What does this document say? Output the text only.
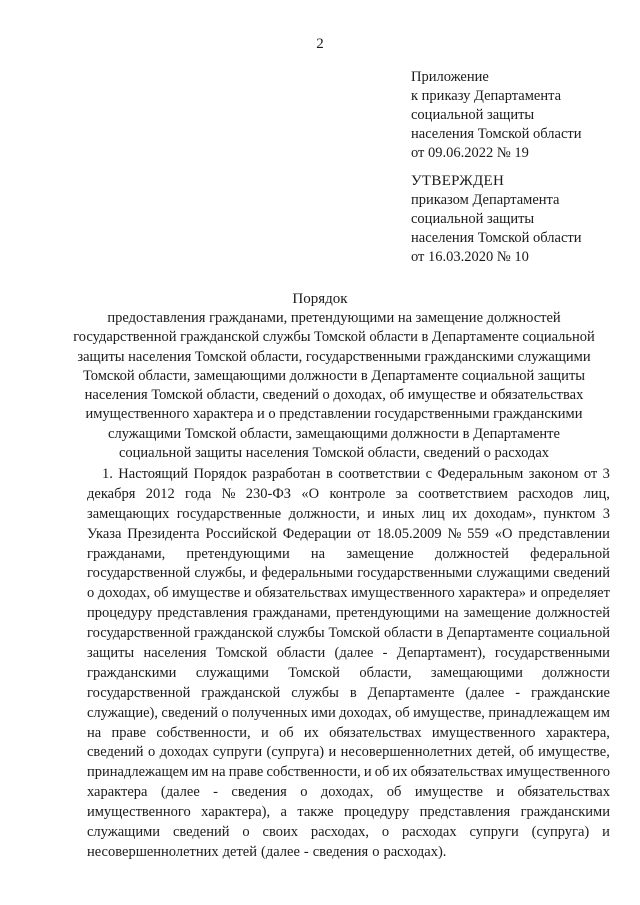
2
Приложение
к приказу Департамента
социальной защиты
населения Томской области
от 09.06.2022 № 19
УТВЕРЖДЕН
приказом Департамента
социальной защиты
населения Томской области
от 16.03.2020 № 10
Порядок
предоставления гражданами, претендующими на замещение должностей
государственной гражданской службы Томской области в Департаменте социальной
защиты населения Томской области, государственными гражданскими служащими
Томской области, замещающими должности в Департаменте социальной защиты
населения Томской области, сведений о доходах, об имуществе и обязательствах
имущественного характера и о представлении государственными гражданскими
служащими Томской области, замещающими должности в Департаменте
социальной защиты населения Томской области, сведений о расходах
1. Настоящий Порядок разработан в соответствии с Федеральным законом от 3
декабря 2012 года № 230-ФЗ «О контроле за соответствием расходов лиц,
замещающих государственные должности, и иных лиц их доходам», пунктом 3
Указа Президента Российской Федерации от 18.05.2009 № 559 «О представлении
гражданами, претендующими на замещение должностей федеральной
государственной службы, и федеральными государственными служащими сведений
о доходах, об имуществе и обязательствах имущественного характера» и определяет
процедуру представления гражданами, претендующими на замещение должностей
государственной гражданской службы Томской области в Департаменте социальной
защиты населения Томской области (далее - Департамент), государственными
гражданскими служащими Томской области, замещающими должности
государственной гражданской службы в Департаменте (далее - гражданские
служащие), сведений о полученных ими доходах, об имуществе, принадлежащем им
на праве собственности, и об их обязательствах имущественного характера,
сведений о доходах супруги (супруга) и несовершеннолетних детей, об имуществе,
принадлежащем им на праве собственности, и об их обязательствах имущественного
характера (далее - сведения о доходах, об имуществе и обязательствах
имущественного характера), а также процедуру представления гражданскими
служащими сведений о своих расходах, о расходах супруги (супруга) и
несовершеннолетних детей (далее - сведения о расходах).
